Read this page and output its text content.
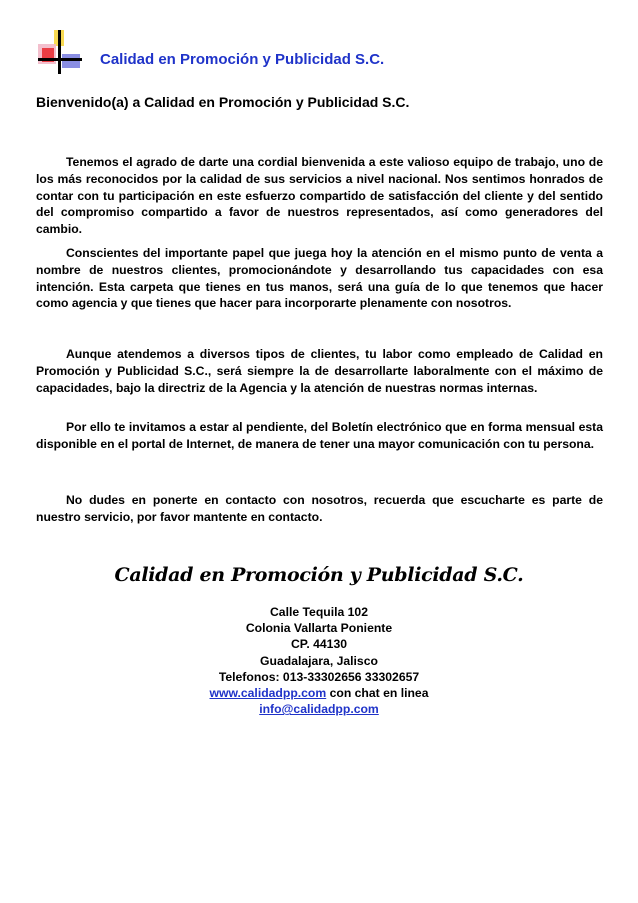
Calidad en Promoción y Publicidad S.C.
Bienvenido(a) a Calidad en Promoción y Publicidad S.C.

Tenemos el agrado de darte una cordial bienvenida a este valioso equipo de trabajo, uno de los más reconocidos por la calidad de sus servicios a nivel nacional. Nos sentimos honrados de contar con tu participación en este esfuerzo compartido de satisfacción del cliente y del sentido del compromiso compartido a favor de nuestros representados, así como generadores del cambio.

Conscientes del importante papel que juega hoy la atención en el mismo punto de venta a nombre de nuestros clientes, promocionándote y desarrollando tus capacidades con esa intención. Esta carpeta que tienes en tus manos, será una guía de lo que tenemos que hacer como agencia y que tienes que hacer para incorporarte plenamente con nosotros.

Aunque atendemos a diversos tipos de clientes, tu labor como empleado de Calidad en Promoción y Publicidad S.C., será siempre la de desarrollarte laboralmente con el máximo de capacidades, bajo la directriz de la Agencia y la atención de nuestras normas internas.

Por ello te invitamos a estar al pendiente, del Boletín electrónico que en forma mensual esta disponible en el portal de Internet, de manera de tener una mayor comunicación con tu persona.

No dudes en ponerte en contacto con nosotros, recuerda que escucharte es parte de nuestro servicio, por favor mantente en contacto.

Calidad en Promoción y Publicidad S.C.
Calle Tequila 102
Colonia Vallarta Poniente
CP. 44130
Guadalajara, Jalisco
Telefonos: 013-33302656 33302657
www.calidadpp.com con chat en linea
info@calidadpp.com
